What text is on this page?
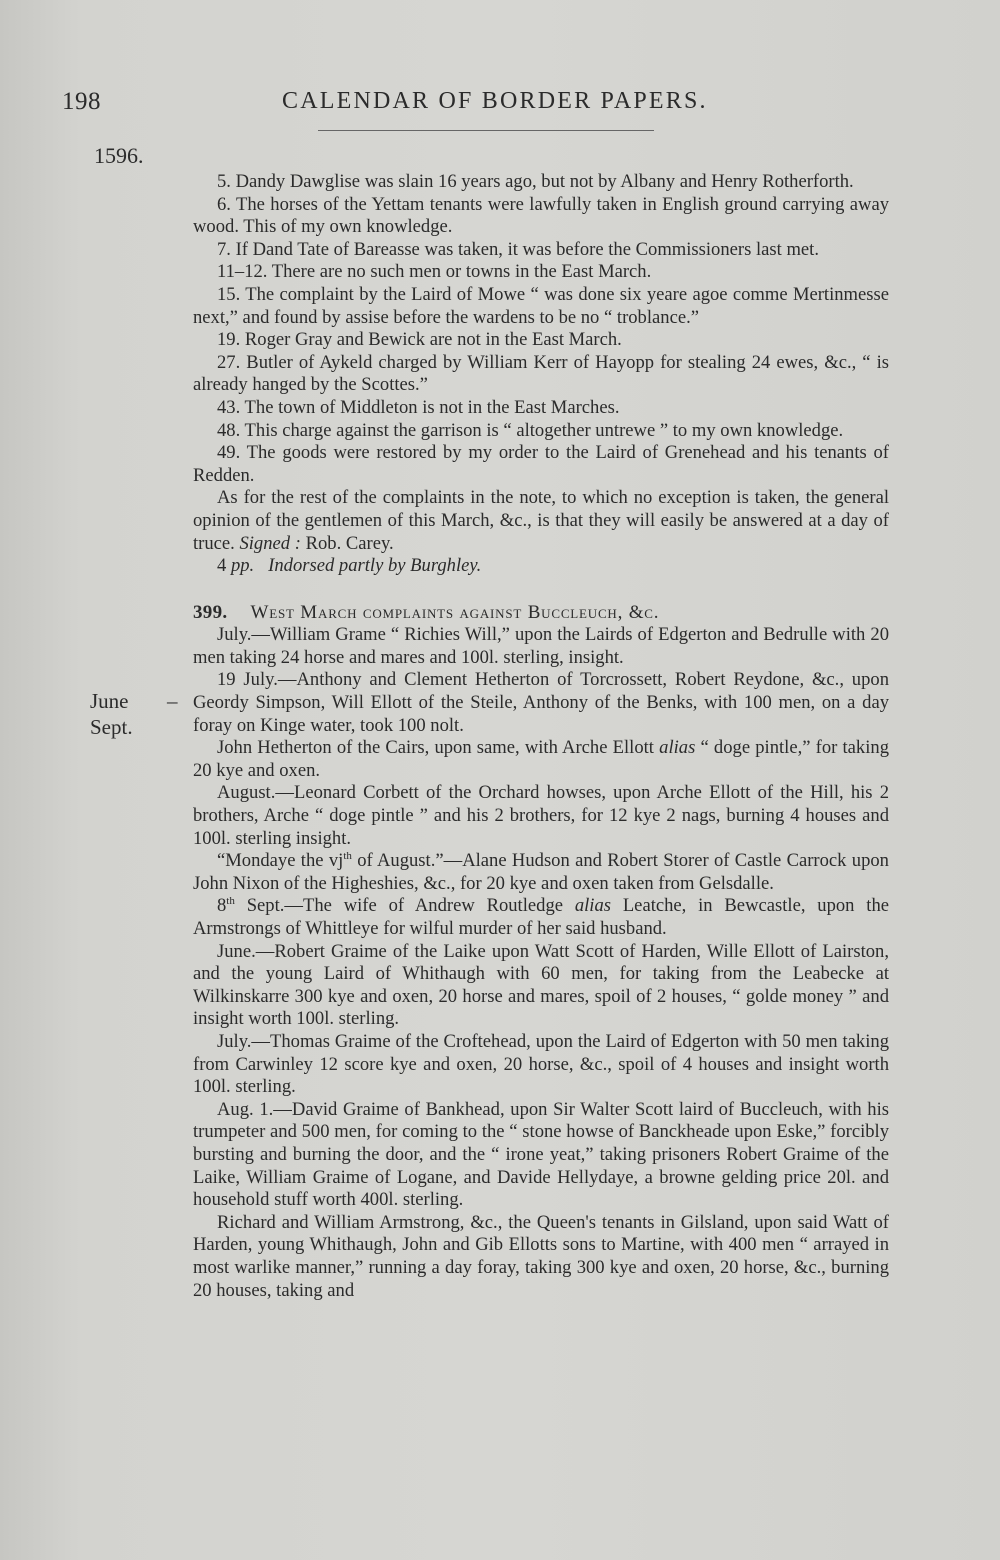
198	CALENDAR OF BORDER PAPERS.
1596.
June
Sept.
–

5. Dandy Dawglise was slain 16 years ago, but not by Albany and Henry Rotherforth.

6. The horses of the Yettam tenants were lawfully taken in English ground carrying away wood. This of my own knowledge.

7. If Dand Tate of Bareasse was taken, it was before the Commissioners last met.

11–12. There are no such men or towns in the East March.

15. The complaint by the Laird of Mowe “ was done six yeare agoe comme Mertinmesse next,” and found by assise before the wardens to be no “ troblance.”

19. Roger Gray and Bewick are not in the East March.

27. Butler of Aykeld charged by William Kerr of Hayopp for stealing 24 ewes, &c., “ is already hanged by the Scottes.”

43. The town of Middleton is not in the East Marches.

48. This charge against the garrison is “ altogether untrewe ” to my own knowledge.

49. The goods were restored by my order to the Laird of Grenehead and his tenants of Redden.

As for the rest of the complaints in the note, to which no exception is taken, the general opinion of the gentlemen of this March, &c., is that they will easily be answered at a day of truce. Signed : Rob. Carey.

4 pp. Indorsed partly by Burghley.

399. West March complaints against Buccleuch, &c.

July.—William Grame “ Richies Will,” upon the Lairds of Edgerton and Bedrulle with 20 men taking 24 horse and mares and 100l. sterling, insight.

19 July.—Anthony and Clement Hetherton of Torcrossett, Robert Reydone, &c., upon Geordy Simpson, Will Ellott of the Steile, Anthony of the Benks, with 100 men, on a day foray on Kinge water, took 100 nolt.

John Hetherton of the Cairs, upon same, with Arche Ellott alias “ doge pintle,” for taking 20 kye and oxen.

August.—Leonard Corbett of the Orchard howses, upon Arche Ellott of the Hill, his 2 brothers, Arche “ doge pintle ” and his 2 brothers, for 12 kye 2 nags, burning 4 houses and 100l. sterling insight.

“Mondaye the $vj^{th}$ of August.”—Alane Hudson and Robert Storer of Castle Carrock upon John Nixon of the Higheshies, &c., for 20 kye and oxen taken from Gelsdalle.

8th Sept.—The wife of Andrew Routledge alias Leatche, in Bewcastle, upon the Armstrongs of Whittleye for wilful murder of her said husband.

June.—Robert Graime of the Laike upon Watt Scott of Harden, Wille Ellott of Lairston, and the young Laird of Whithaugh with 60 men, for taking from the Leabecke at Wilkinskarre 300 kye and oxen, 20 horse and mares, spoil of 2 houses, “ golde money ” and insight worth 100l. sterling.

July.—Thomas Graime of the Croftehead, upon the Laird of Edgerton with 50 men taking from Carwinley 12 score kye and oxen, 20 horse, &c., spoil of 4 houses and insight worth 100l. sterling.

Aug. 1.—David Graime of Bankhead, upon Sir Walter Scott laird of Buccleuch, with his trumpeter and 500 men, for coming to the “ stone howse of Banckheade upon Eske,” forcibly bursting and burning the door, and the “ irone yeat,” taking prisoners Robert Graime of the Laike, William Graime of Logane, and Davide Hellydaye, a browne gelding price 20l. and household stuff worth 400l. sterling.

Richard and William Armstrong, &c., the Queen's tenants in Gilsland, upon said Watt of Harden, young Whithaugh, John and Gib Ellotts sons to Martine, with 400 men “ arrayed in most warlike manner,” running a day foray, taking 300 kye and oxen, 20 horse, &c., burning 20 houses, taking and
